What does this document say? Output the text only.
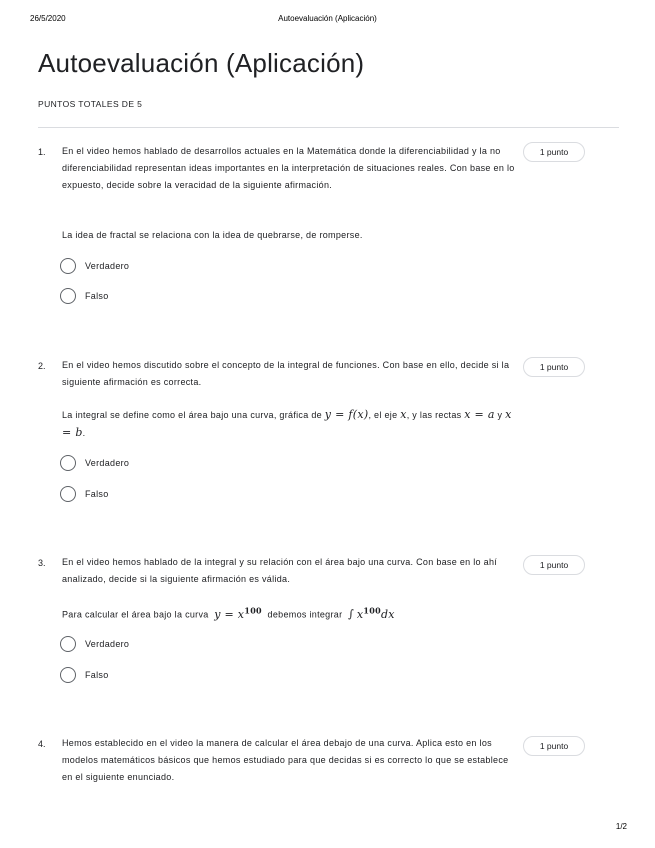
26/5/2020	Autoevaluación (Aplicación)
Autoevaluación (Aplicación)
PUNTOS TOTALES DE 5
1. En el video hemos hablado de desarrollos actuales en la Matemática donde la diferenciabilidad y la no diferenciabilidad representan ideas importantes en la interpretación de situaciones reales. Con base en lo expuesto, decide sobre la veracidad de la siguiente afirmación.
1 punto
La idea de fractal se relaciona con la idea de quebrarse, de romperse.
Verdadero
Falso
2. En el video hemos discutido sobre el concepto de la integral de funciones. Con base en ello, decide si la siguiente afirmación es correcta.
1 punto
La integral se define como el área bajo una curva, gráfica de y = f(x), el eje x, y las rectas x = a y x = b.
Verdadero
Falso
3. En el video hemos hablado de la integral y su relación con el área bajo una curva. Con base en lo ahí analizado, decide si la siguiente afirmación es válida.
1 punto
Para calcular el área bajo la curva $y = x^{100}$ debemos integrar ∫ $x^{100}dx$
Verdadero
Falso
4. Hemos establecido en el video la manera de calcular el área debajo de una curva. Aplica esto en los modelos matemáticos básicos que hemos estudiado para que decidas si es correcto lo que se establece en el siguiente enunciado.
1 punto
1/2
